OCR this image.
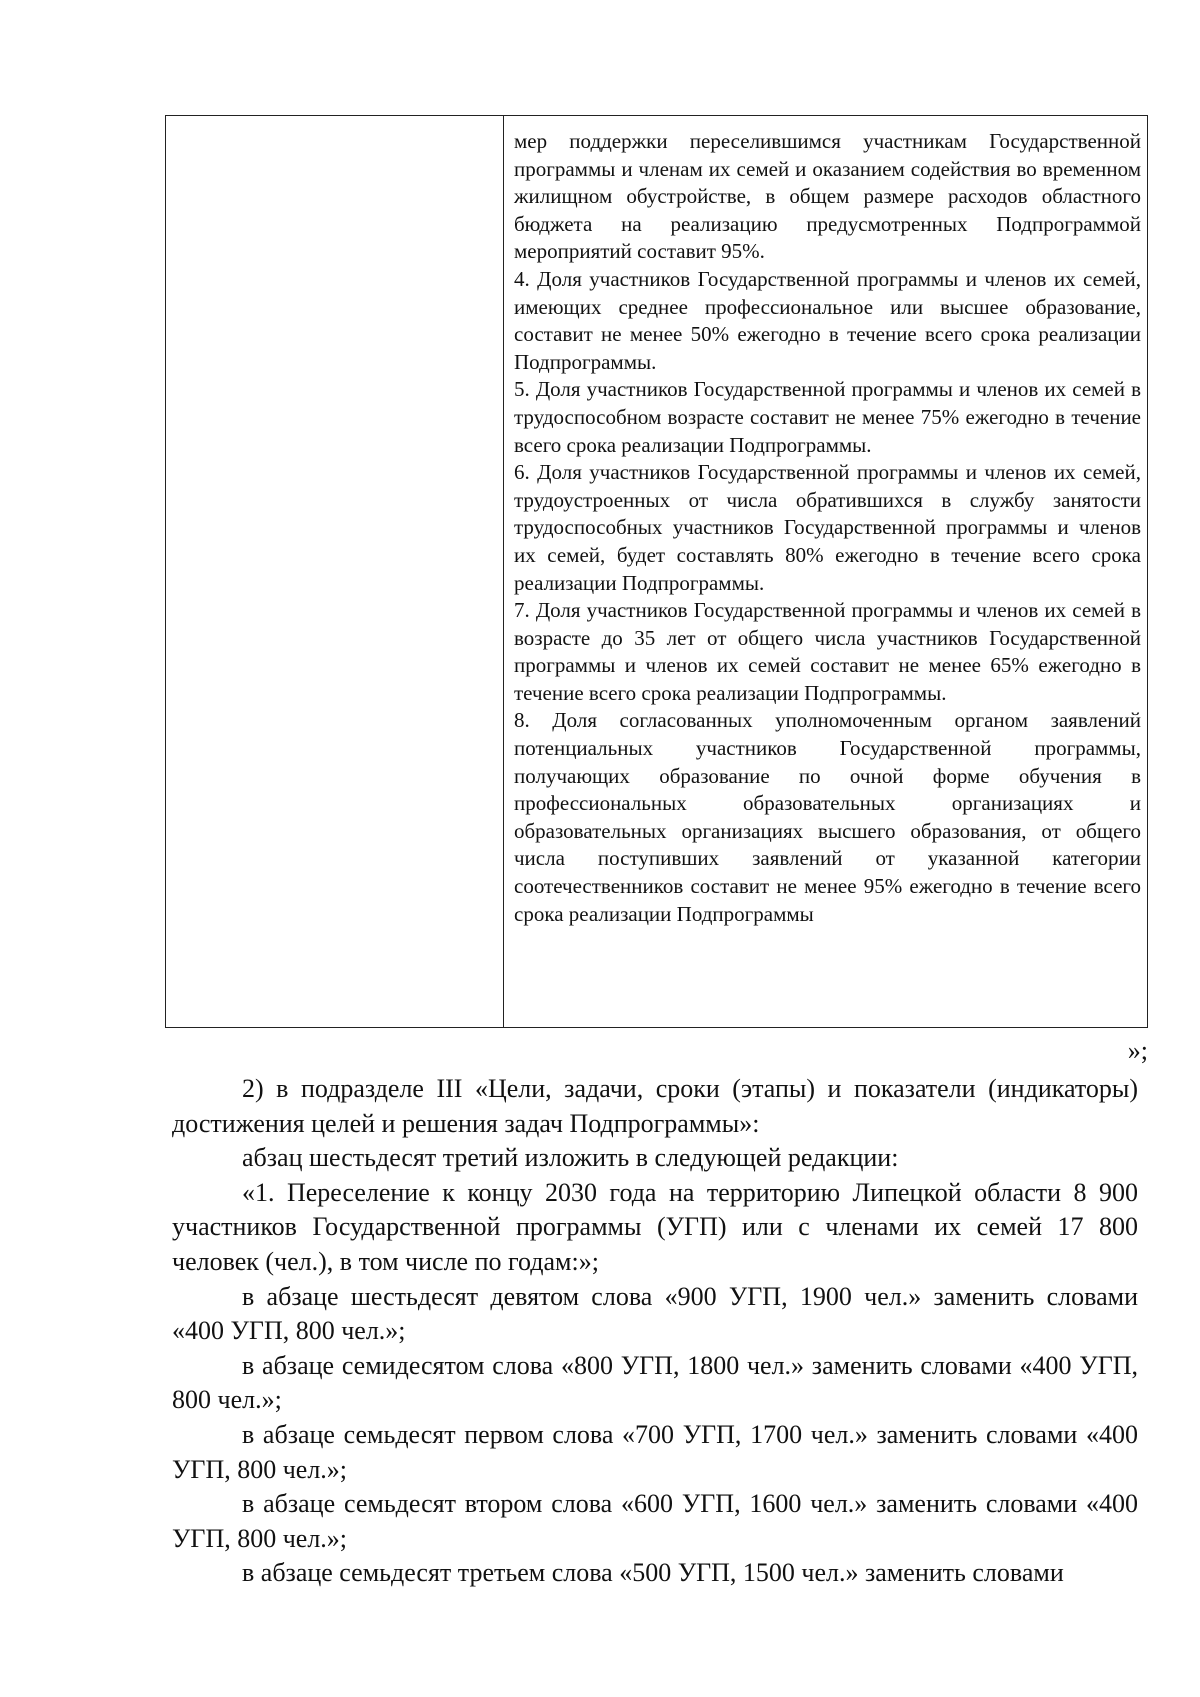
мер поддержки переселившимся участникам Государственной программы и членам их семей и оказанием содействия во временном жилищном обустройстве, в общем размере расходов областного бюджета на реализацию предусмотренных Подпрограммой мероприятий составит 95%.

4. Доля участников Государственной программы и членов их семей, имеющих среднее профессиональное или высшее образование, составит не менее 50% ежегодно в течение всего срока реализации Подпрограммы.

5. Доля участников Государственной программы и членов их семей в трудоспособном возрасте составит не менее 75% ежегодно в течение всего срока реализации Подпрограммы.

6. Доля участников Государственной программы и членов их семей, трудоустроенных от числа обратившихся в службу занятости трудоспособных участников Государственной программы и членов их семей, будет составлять 80% ежегодно в течение всего срока реализации Подпрограммы.

7. Доля участников Государственной программы и членов их семей в возрасте до 35 лет от общего числа участников Государственной программы и членов их семей составит не менее 65% ежегодно в течение всего срока реализации Подпрограммы.

8. Доля согласованных уполномоченным органом заявлений потенциальных участников Государственной программы, получающих образование по очной форме обучения в профессиональных образовательных организациях и образовательных организациях высшего образования, от общего числа поступивших заявлений от указанной категории соотечественников составит не менее 95% ежегодно в течение всего срока реализации Подпрограммы

»;

2) в подразделе III «Цели, задачи, сроки (этапы) и показатели (индикаторы) достижения целей и решения задач Подпрограммы»:

абзац шестьдесят третий изложить в следующей редакции:

«1. Переселение к концу 2030 года на территорию Липецкой области 8 900 участников Государственной программы (УГП) или с членами их семей 17 800 человек (чел.), в том числе по годам:»;

в абзаце шестьдесят девятом слова «900 УГП, 1900 чел.» заменить словами «400 УГП, 800 чел.»;

в абзаце семидесятом слова «800 УГП, 1800 чел.» заменить словами «400 УГП, 800 чел.»;

в абзаце семьдесят первом слова «700 УГП, 1700 чел.» заменить словами «400 УГП, 800 чел.»;

в абзаце семьдесят втором слова «600 УГП, 1600 чел.» заменить словами «400 УГП, 800 чел.»;

в абзаце семьдесят третьем слова «500 УГП, 1500 чел.» заменить словами
